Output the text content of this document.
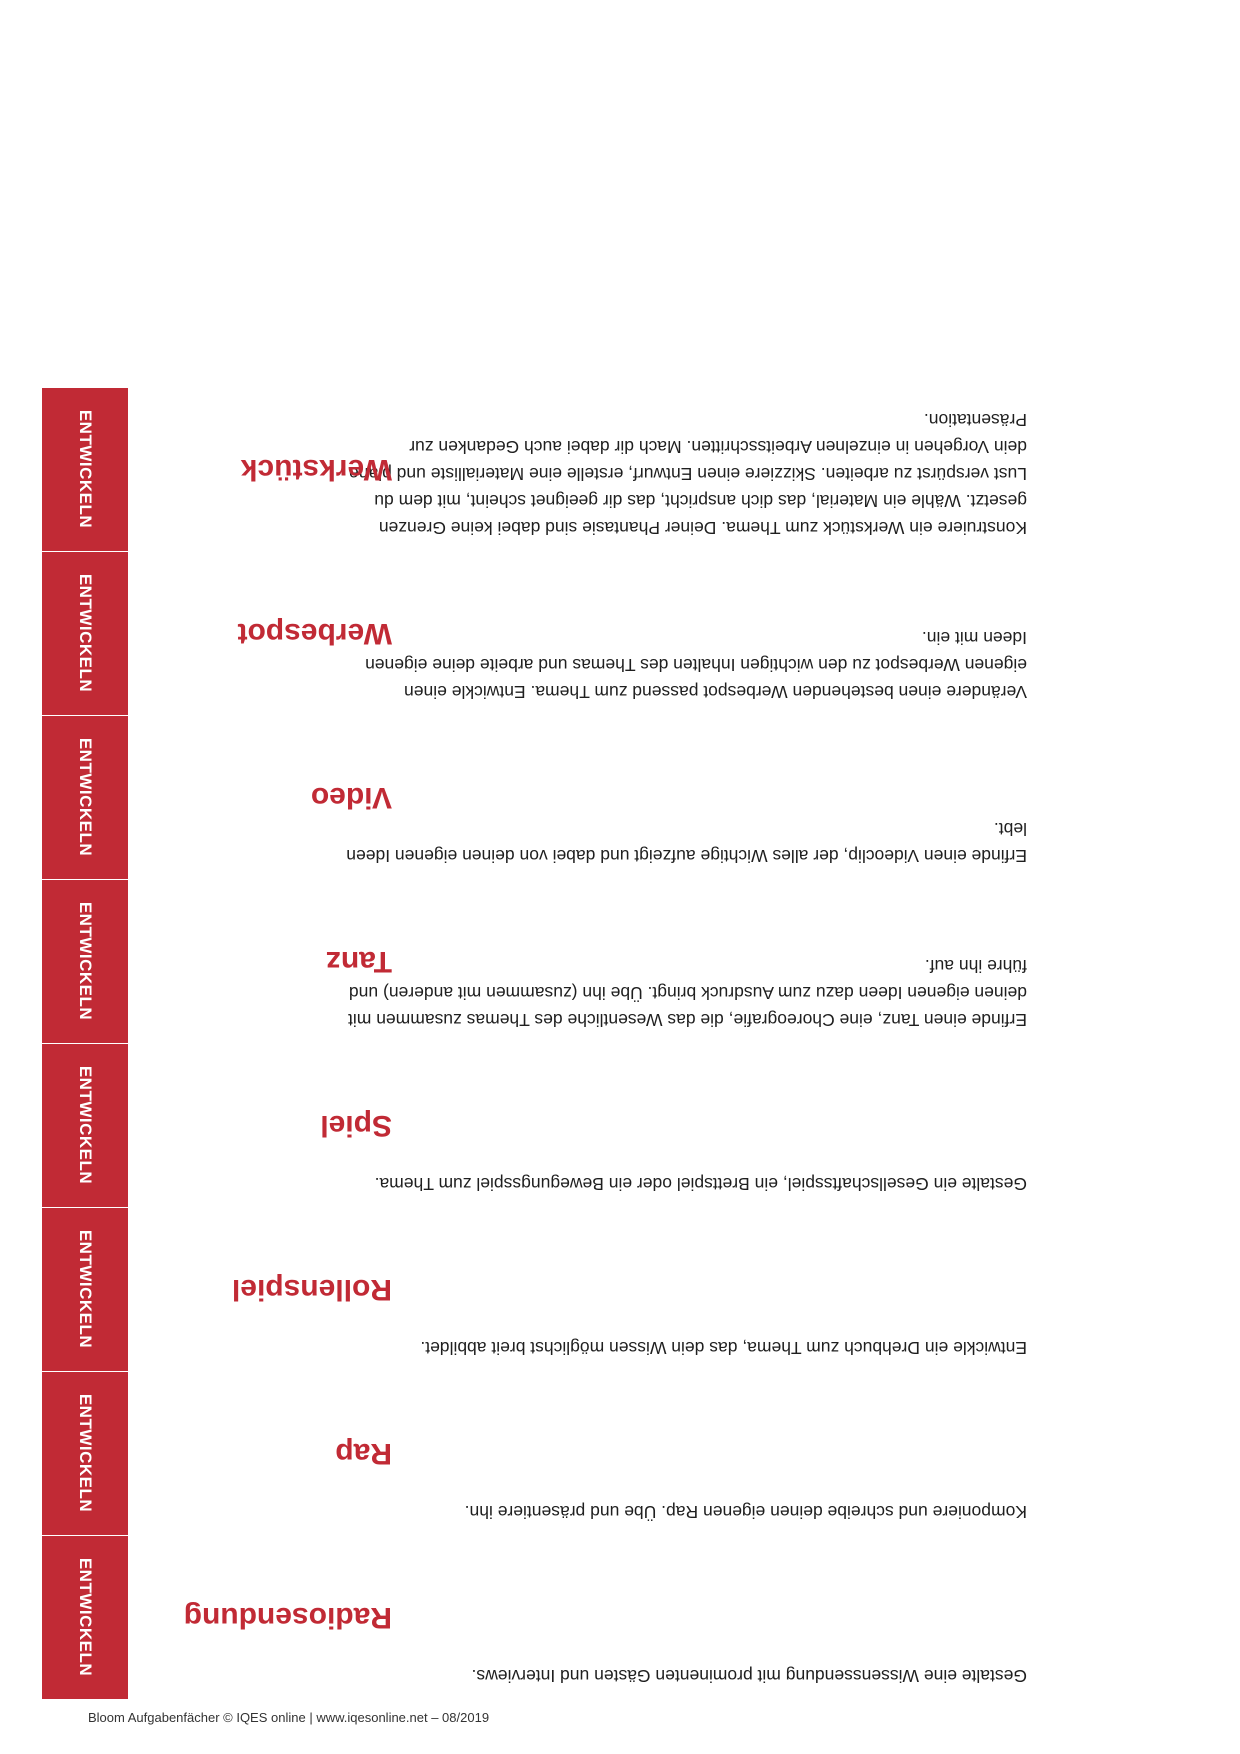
ENTWICKELN	Konstruiere ein Werkstück zum Thema. Deiner Phantasie sind dabei keine Grenzen gesetzt. Wähle ein Material, das dich anspricht, das dir geeignet scheint, mit dem du Lust verspürst zu arbeiten. Skizziere einen Entwurf, erstelle eine Materialliste und plane dein Vorgehen in einzelnen Arbeitsschritten. Mach dir dabei auch Gedanken zur Präsentation.
Werkstück
ENTWICKELN	Verändere einen bestehenden Werbespot passend zum Thema. Entwickle einen eigenen Werbespot zu den wichtigen Inhalten des Themas und arbeite deine eigenen Ideen mit ein.
Werbespot
ENTWICKELN	Erfinde einen Videoclip, der alles Wichtige aufzeigt und dabei von deinen eigenen Ideen lebt.
Video
ENTWICKELN	Erfinde einen Tanz, eine Choreografie, die das Wesentliche des Themas zusammen mit deinen eigenen Ideen dazu zum Ausdruck bringt. Übe ihn (zusammen mit anderen) und führe ihn auf.
Tanz
ENTWICKELN	Gestalte ein Gesellschaftsspiel, ein Brettspiel oder ein Bewegungsspiel zum Thema.
Spiel
ENTWICKELN	Entwickle ein Drehbuch zum Thema, das dein Wissen möglichst breit abbildet.
Rollenspiel
ENTWICKELN	Komponiere und schreibe deinen eigenen Rap. Übe und präsentiere ihn.
Rap
ENTWICKELN	Gestalte eine Wissenssendung mit prominenten Gästen und Interviews.
Radiosendung
Bloom Aufgabenfächer © IQES online | www.iqesonline.net – 08/2019
